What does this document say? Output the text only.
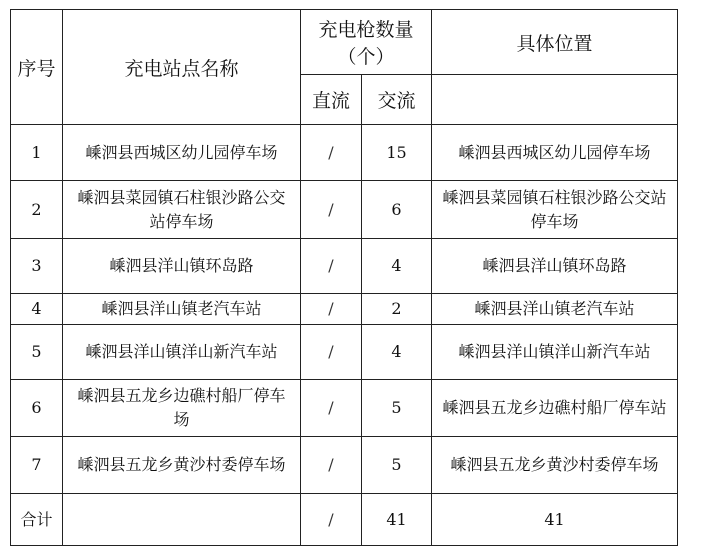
序号	充电站点名称	充电枪数量（个）		具体位置
		直流	交流	
1	嵊泗县西城区幼儿园停车场	/	15	嵊泗县西城区幼儿园停车场
2	嵊泗县菜园镇石柱银沙路公交站停车场	/	6	嵊泗县菜园镇石柱银沙路公交站停车场
3	嵊泗县洋山镇环岛路	/	4	嵊泗县洋山镇环岛路
4	嵊泗县洋山镇老汽车站	/	2	嵊泗县洋山镇老汽车站
5	嵊泗县洋山镇洋山新汽车站	/	4	嵊泗县洋山镇洋山新汽车站
6	嵊泗县五龙乡边礁村船厂停车场	/	5	嵊泗县五龙乡边礁村船厂停车站
7	嵊泗县五龙乡黄沙村委停车场	/	5	嵊泗县五龙乡黄沙村委停车场
合计		/	41	41
